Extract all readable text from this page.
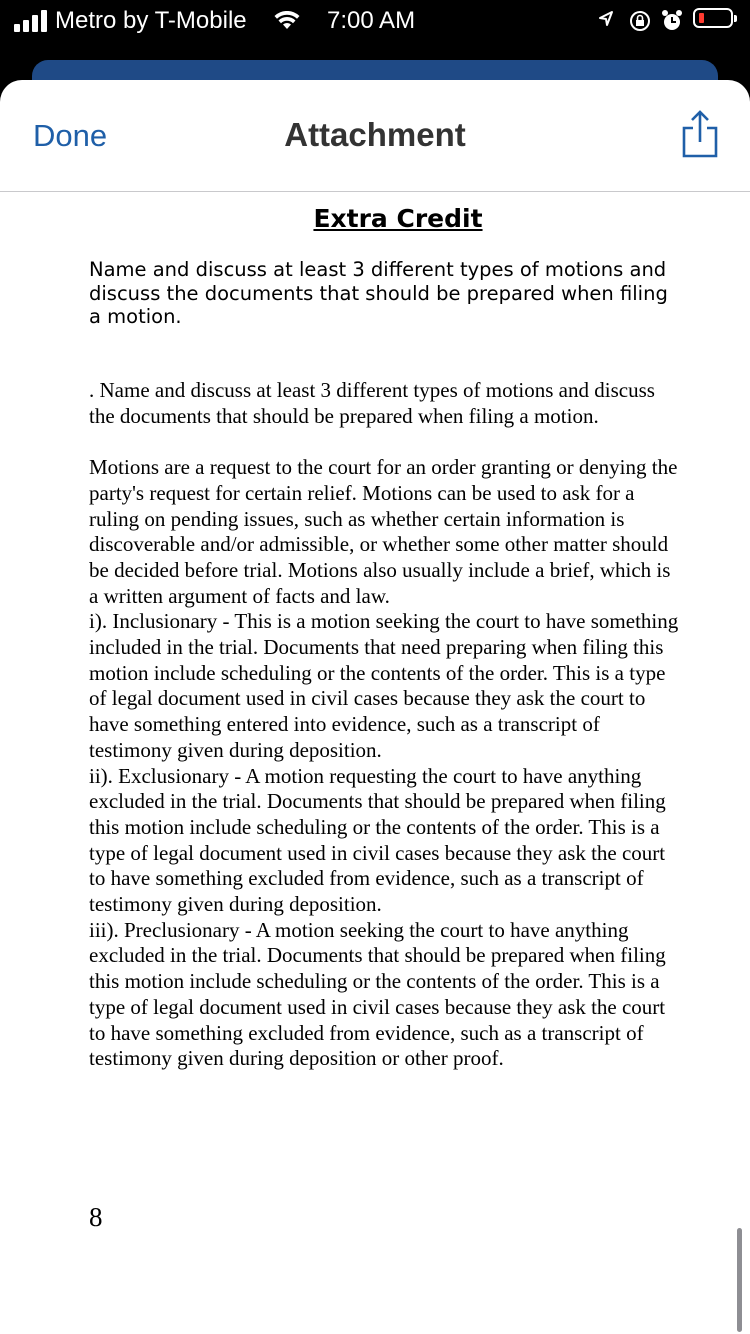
Metro by T-Mobile	7:00 AM
Done	Attachment
Extra Credit
Name and discuss at least 3 different types of motions and discuss the documents that should be prepared when filing a motion.

. Name and discuss at least 3 different types of motions and discuss the documents that should be prepared when filing a motion.

Motions are a request to the court for an order granting or denying the party's request for certain relief. Motions can be used to ask for a ruling on pending issues, such as whether certain information is discoverable and/or admissible, or whether some other matter should be decided before trial. Motions also usually include a brief, which is a written argument of facts and law.

i). Inclusionary - This is a motion seeking the court to have something included in the trial. Documents that need preparing when filing this motion include scheduling or the contents of the order. This is a type of legal document used in civil cases because they ask the court to have something entered into evidence, such as a transcript of testimony given during deposition.

ii). Exclusionary - A motion requesting the court to have anything excluded in the trial. Documents that should be prepared when filing this motion include scheduling or the contents of the order. This is a type of legal document used in civil cases because they ask the court to have something excluded from evidence, such as a transcript of testimony given during deposition.

iii). Preclusionary - A motion seeking the court to have anything excluded in the trial. Documents that should be prepared when filing this motion include scheduling or the contents of the order. This is a type of legal document used in civil cases because they ask the court to have something excluded from evidence, such as a transcript of testimony given during deposition or other proof.

8
